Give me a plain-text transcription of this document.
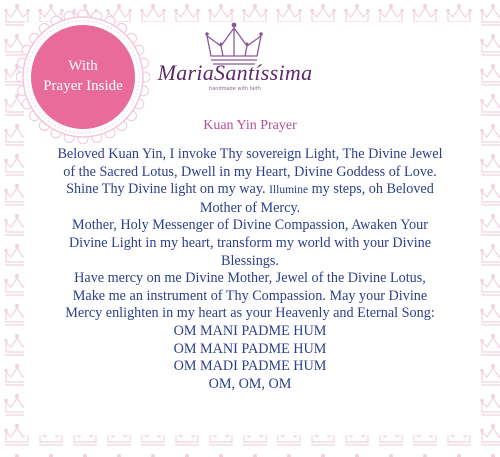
With
Prayer Inside
MariaSantíssima
handmade with faith
Kuan Yin Prayer
Beloved Kuan Yin, I invoke Thy sovereign Light, The Divine Jewel
of the Sacred Lotus, Dwell in my Heart, Divine Goddess of Love.
Shine Thy Divine light on my way. Illumine my steps, oh Beloved
Mother of Mercy.
Mother, Holy Messenger of Divine Compassion, Awaken Your
Divine Light in my heart, transform my world with your Divine
Blessings.
Have mercy on me Divine Mother, Jewel of the Divine Lotus,
Make me an instrument of Thy Compassion. May your Divine
Mercy enlighten in my heart as your Heavenly and Eternal Song:
OM MANI PADME HUM
OM MANI PADME HUM
OM MADI PADME HUM
OM, OM, OM
